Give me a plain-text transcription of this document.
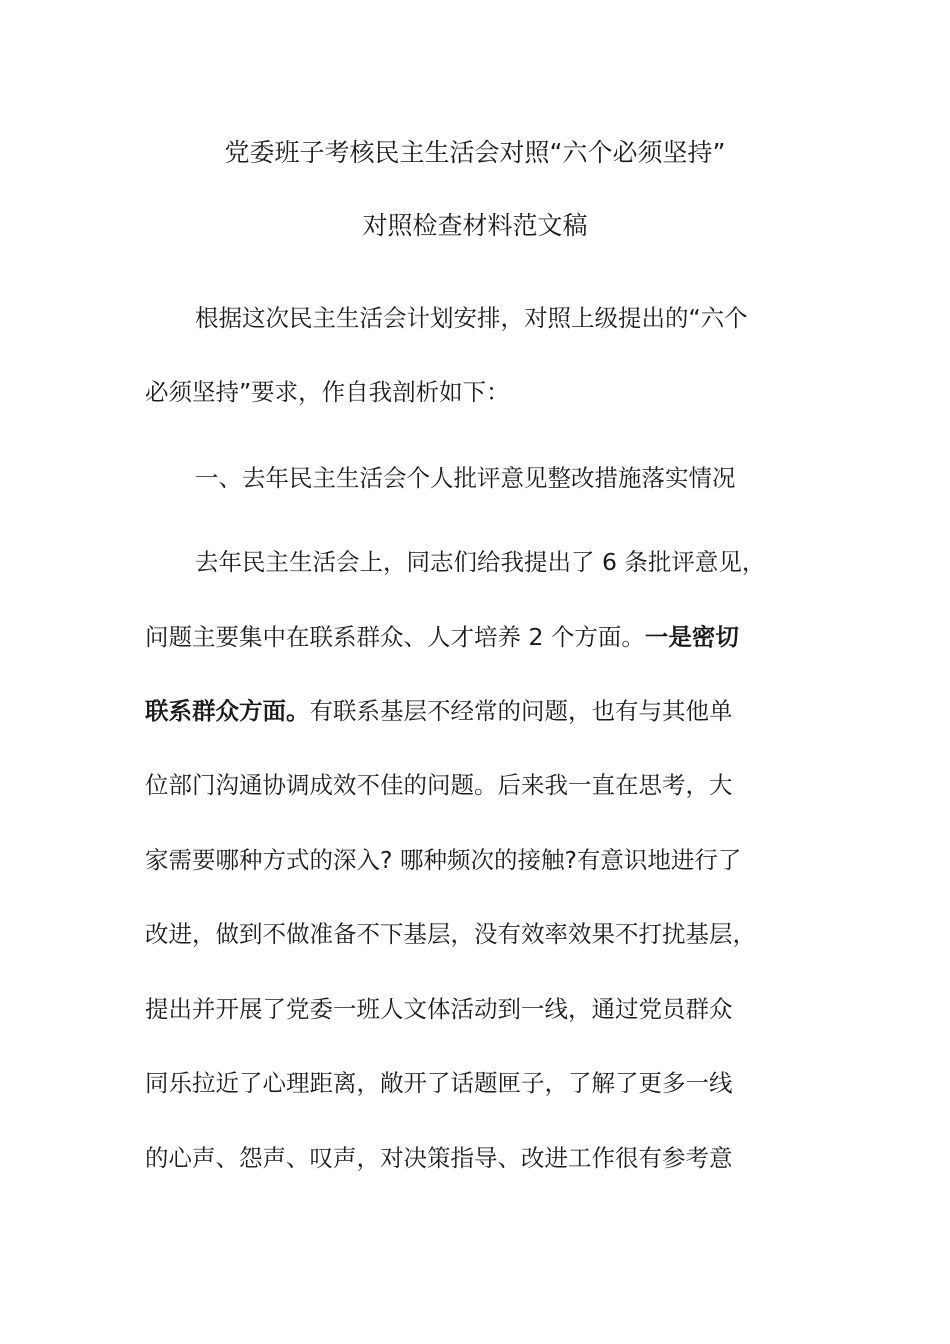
党委班子考核民主生活会对照“六个必须坚持”
对照检查材料范文稿
根据这次民主生活会计划安排，对照上级提出的“六个
必须坚持”要求，作自我剖析如下：
一、去年民主生活会个人批评意见整改措施落实情况
去年民主生活会上，同志们给我提出了 6 条批评意见，
问题主要集中在联系群众、人才培养 2 个方面。一是密切
联系群众方面。有联系基层不经常的问题，也有与其他单
位部门沟通协调成效不佳的问题。后来我一直在思考，大
家需要哪种方式的深入? 哪种频次的接触?有意识地进行了
改进，做到不做准备不下基层，没有效率效果不打扰基层，
提出并开展了党委一班人文体活动到一线，通过党员群众
同乐拉近了心理距离，敞开了话题匣子，了解了更多一线
的心声、怨声、叹声，对决策指导、改进工作很有参考意
